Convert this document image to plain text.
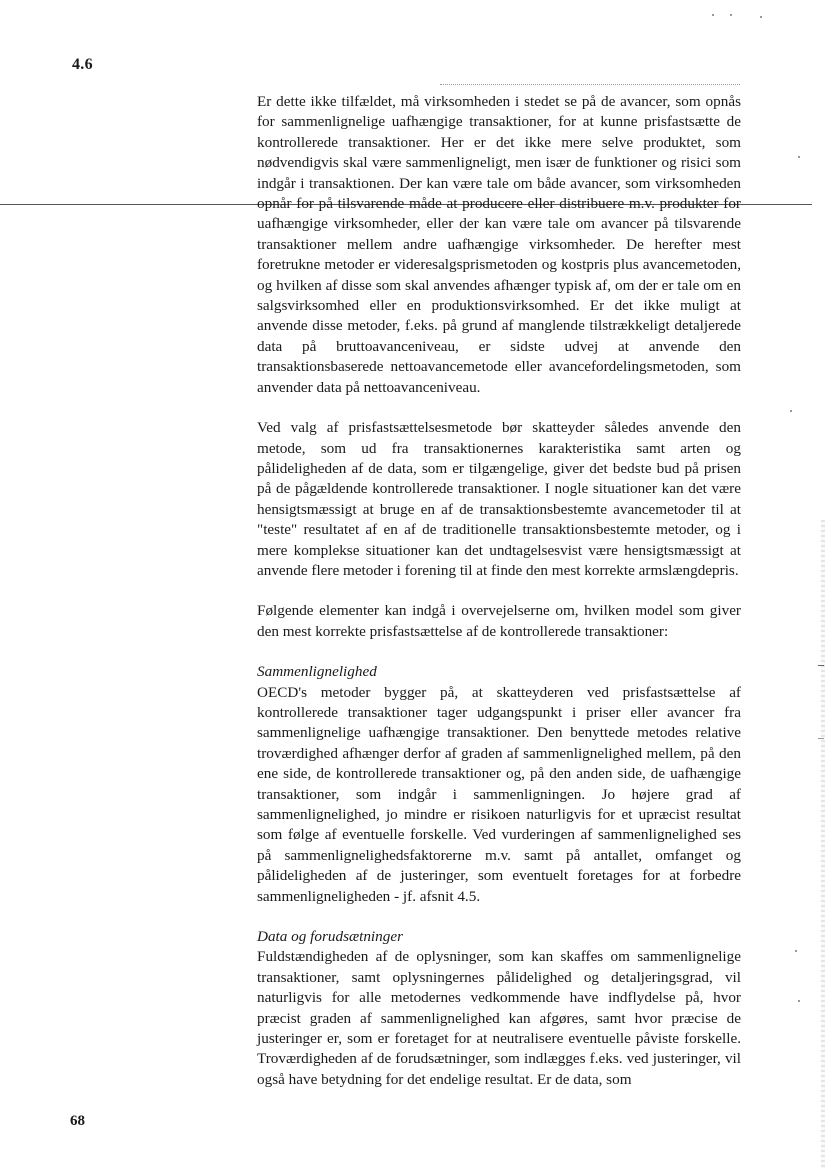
4.6

Er dette ikke tilfældet, må virksomheden i stedet se på de avancer, som opnås for sammenlignelige uafhængige transaktioner, for at kunne prisfastsætte de kontrollerede transaktioner. Her er det ikke mere selve produktet, som nødvendigvis skal være sammenligneligt, men især de funktioner og risici som indgår i transaktionen. Der kan være tale om både avancer, som virksomheden opnår for på tilsvarende måde at producere eller distribuere m.v. produkter for uafhængige virksomheder, eller der kan være tale om avancer på tilsvarende transaktioner mellem andre uafhængige virksomheder. De herefter mest foretrukne metoder er videresalgsprismetoden og kostpris plus avancemetoden, og hvilken af disse som skal anvendes afhænger typisk af, om der er tale om en salgsvirksomhed eller en produktionsvirksomhed. Er det ikke muligt at anvende disse metoder, f.eks. på grund af manglende tilstrækkeligt detaljerede data på bruttoavanceniveau, er sidste udvej at anvende den transaktionsbaserede nettoavancemetode eller avancefordelingsmetoden, som anvender data på nettoavanceniveau.

Ved valg af prisfastsættelsesmetode bør skatteyder således anvende den metode, som ud fra transaktionernes karakteristika samt arten og pålideligheden af de data, som er tilgængelige, giver det bedste bud på prisen på de pågældende kontrollerede transaktioner. I nogle situationer kan det være hensigtsmæssigt at bruge en af de transaktionsbestemte avancemetoder til at "teste" resultatet af en af de traditionelle transaktionsbestemte metoder, og i mere komplekse situationer kan det undtagelsesvist være hensigtsmæssigt at anvende flere metoder i forening til at finde den mest korrekte armslængdepris.

Følgende elementer kan indgå i overvejelserne om, hvilken model som giver den mest korrekte prisfastsættelse af de kontrollerede transaktioner:

Sammenlignelighed

OECD's metoder bygger på, at skatteyderen ved prisfastsættelse af kontrollerede transaktioner tager udgangspunkt i priser eller avancer fra sammenlignelige uafhængige transaktioner. Den benyttede metodes relative troværdighed afhænger derfor af graden af sammenlignelighed mellem, på den ene side, de kontrollerede transaktioner og, på den anden side, de uafhængige transaktioner, som indgår i sammenligningen. Jo højere grad af sammenlignelighed, jo mindre er risikoen naturligvis for et upræcist resultat som følge af eventuelle forskelle. Ved vurderingen af sammenlignelighed ses på sammenlignelighedsfaktorerne m.v. samt på antallet, omfanget og pålideligheden af de justeringer, som eventuelt foretages for at forbedre sammenligneligheden - jf. afsnit 4.5.

Data og forudsætninger

Fuldstændigheden af de oplysninger, som kan skaffes om sammenlignelige transaktioner, samt oplysningernes pålidelighed og detaljeringsgrad, vil naturligvis for alle metodernes vedkommende have indflydelse på, hvor præcist graden af sammenlignelighed kan afgøres, samt hvor præcise de justeringer er, som er foretaget for at neutralisere eventuelle påviste forskelle. Troværdigheden af de forudsætninger, som indlægges f.eks. ved justeringer, vil også have betydning for det endelige resultat. Er de data, som

68
